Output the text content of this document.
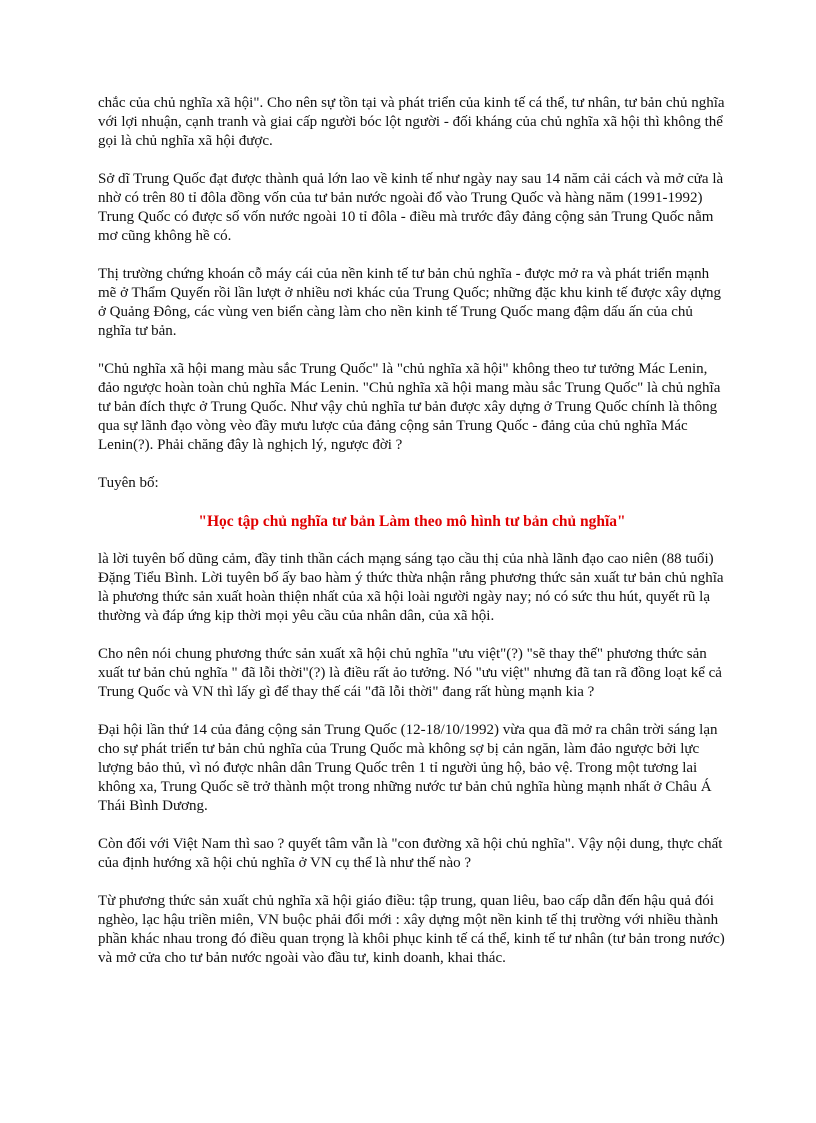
chắc của chủ nghĩa xã hội". Cho nên sự tồn tại và phát triển của kinh tế cá thể, tư nhân, tư bản chủ nghĩa với lợi nhuận, cạnh tranh và giai cấp người bóc lột người - đối kháng của chủ nghĩa xã hội thì không thể gọi là chủ nghĩa xã hội được.

Sở dĩ Trung Quốc đạt được thành quả lớn lao về kinh tế như ngày nay sau 14 năm cải cách và mở cửa là nhờ có trên 80 tỉ đôla đồng vốn của tư bản nước ngoài đổ vào Trung Quốc và hàng năm (1991-1992) Trung Quốc có được số vốn nước ngoài 10 tỉ đôla - điều mà trước đây đảng cộng sản Trung Quốc nằm mơ cũng không hề có.

Thị trường chứng khoán cỗ máy cái của nền kinh tế tư bản chủ nghĩa - được mở ra và phát triển mạnh mẽ ở Thẩm Quyến rồi lần lượt ở nhiều nơi khác của Trung Quốc; những đặc khu kinh tế được xây dựng ở Quảng Đông, các vùng ven biển càng làm cho nền kinh tế Trung Quốc mang đậm dấu ấn của chủ nghĩa tư bản.

"Chủ nghĩa xã hội mang màu sắc Trung Quốc" là "chủ nghĩa xã hội" không theo tư tưởng Mác Lenin, đảo ngược hoàn toàn chủ nghĩa Mác Lenin. "Chủ nghĩa xã hội mang màu sắc Trung Quốc" là chủ nghĩa tư bản đích thực ở Trung Quốc. Như vậy chủ nghĩa tư bản được xây dựng ở Trung Quốc chính là thông qua sự lãnh đạo vòng vèo đầy mưu lược của đảng cộng sản Trung Quốc - đảng của chủ nghĩa Mác Lenin(?). Phải chăng đây là nghịch lý, ngược đời ?

Tuyên bố:

"Học tập chủ nghĩa tư bản Làm theo mô hình tư bản chủ nghĩa"

là lời tuyên bố dũng cảm, đầy tinh thần cách mạng sáng tạo cầu thị của nhà lãnh đạo cao niên (88 tuổi) Đặng Tiểu Bình. Lời tuyên bố ấy bao hàm ý thức thừa nhận rằng phương thức sản xuất tư bản chủ nghĩa là phương thức sản xuất hoàn thiện nhất của xã hội loài người ngày nay; nó có sức thu hút, quyết rũ lạ thường và đáp ứng kịp thời mọi yêu cầu của nhân dân, của xã hội.

Cho nên nói chung phương thức sản xuất xã hội chủ nghĩa "ưu việt"(?) "sẽ thay thế" phương thức sản xuất tư bản chủ nghĩa " đã lỗi thời"(?) là điều rất ảo tưởng. Nó "ưu việt" nhưng đã tan rã đồng loạt kể cả Trung Quốc và VN thì lấy gì để thay thế cái "đã lỗi thời" đang rất hùng mạnh kia ?

Đại hội lần thứ 14 của đảng cộng sản Trung Quốc (12-18/10/1992) vừa qua đã mở ra chân trời sáng lạn cho sự phát triển tư bản chủ nghĩa của Trung Quốc mà không sợ bị cản ngăn, làm đảo ngược bởi lực lượng bảo thủ, vì nó được nhân dân Trung Quốc trên 1 tỉ người ủng hộ, bảo vệ. Trong một tương lai không xa, Trung Quốc sẽ trở thành một trong những nước tư bản chủ nghĩa hùng mạnh nhất ở Châu Á Thái Bình Dương.

Còn đối với Việt Nam thì sao ? quyết tâm vẫn là "con đường xã hội chủ nghĩa". Vậy nội dung, thực chất của định hướng xã hội chủ nghĩa ở VN cụ thể là như thế nào ?

Từ phương thức sản xuất chủ nghĩa xã hội giáo điều: tập trung, quan liêu, bao cấp dẫn đến hậu quả đói nghèo, lạc hậu triền miên, VN buộc phải đổi mới : xây dựng một nền kinh tế thị trường với nhiều thành phần khác nhau trong đó điều quan trọng là khôi phục kinh tế cá thể, kinh tế tư nhân (tư bản trong nước) và mở cửa cho tư bản nước ngoài vào đầu tư, kinh doanh, khai thác.
